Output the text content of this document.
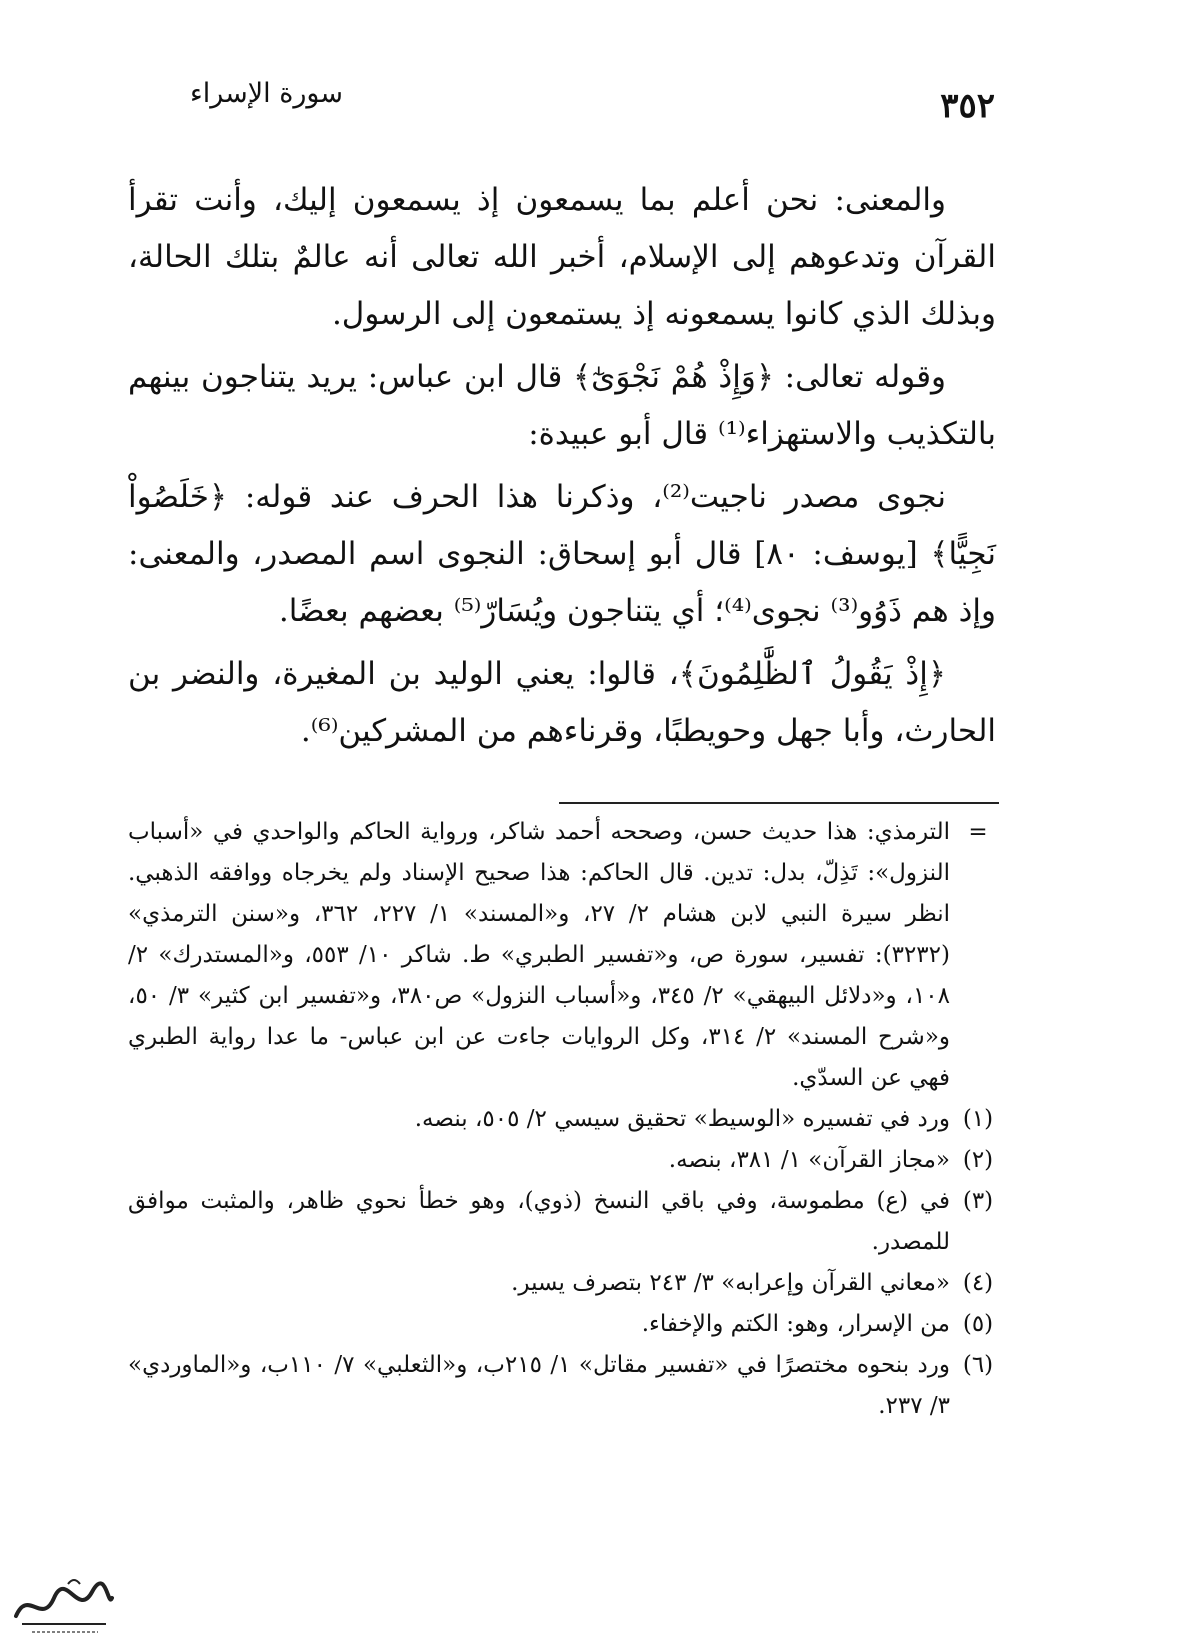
سورة الإسراء	٣٥٢

والمعنى: نحن أعلم بما يسمعون إذ يسمعون إليك، وأنت تقرأ القرآن وتدعوهم إلى الإسلام، أخبر الله تعالى أنه عالمٌ بتلك الحالة، وبذلك الذي كانوا يسمعونه إذ يستمعون إلى الرسول.

وقوله تعالى: ﴿وَإِذْ هُمْ نَجْوَىٰٓ﴾ قال ابن عباس: يريد يتناجون بينهم بالتكذيب والاستهزاء⁽¹⁾ قال أبو عبيدة:

نجوى مصدر ناجيت⁽²⁾، وذكرنا هذا الحرف عند قوله: ﴿خَلَصُواْ نَجِيًّا﴾ [يوسف: ٨٠] قال أبو إسحاق: النجوى اسم المصدر، والمعنى: وإذ هم ذَوُو⁽³⁾ نجوى⁽⁴⁾؛ أي يتناجون ويُسَارّ⁽⁵⁾ بعضهم بعضًا.

﴿إِذْ يَقُولُ ٱلظَّٰلِمُونَ﴾، قالوا: يعني الوليد بن المغيرة، والنضر بن الحارث، وأبا جهل وحويطبًا، وقرناءهم من المشركين⁽⁶⁾.

=
الترمذي: هذا حديث حسن، وصححه أحمد شاكر، ورواية الحاكم والواحدي في «أسباب النزول»: تَذِلّ، بدل: تدين. قال الحاكم: هذا صحيح الإسناد ولم يخرجاه ووافقه الذهبي. انظر سيرة النبي لابن هشام ٢/ ٢٧، و«المسند» ١/ ٢٢٧، ٣٦٢، و«سنن الترمذي» (٣٢٣٢): تفسير، سورة ص، و«تفسير الطبري» ط. شاكر ١٠/ ٥٥٣، و«المستدرك» ٢/ ١٠٨، و«دلائل البيهقي» ٢/ ٣٤٥، و«أسباب النزول» ص٣٨٠، و«تفسير ابن كثير» ٣/ ٥٠، و«شرح المسند» ٢/ ٣١٤، وكل الروايات جاءت عن ابن عباس- ما عدا رواية الطبري فهي عن السدّي.
(١)
ورد في تفسيره «الوسيط» تحقيق سيسي ٢/ ٥٠٥، بنصه.
(٢)
«مجاز القرآن» ١/ ٣٨١، بنصه.
(٣)
في (ع) مطموسة، وفي باقي النسخ (ذوي)، وهو خطأ نحوي ظاهر، والمثبت موافق للمصدر.
(٤)
«معاني القرآن وإعرابه» ٣/ ٢٤٣ بتصرف يسير.
(٥)
من الإسرار، وهو: الكتم والإخفاء.
(٦)
ورد بنحوه مختصرًا في «تفسير مقاتل» ١/ ٢١٥ب، و«الثعلبي» ٧/ ١١٠ب، و«الماوردي» ٣/ ٢٣٧.
